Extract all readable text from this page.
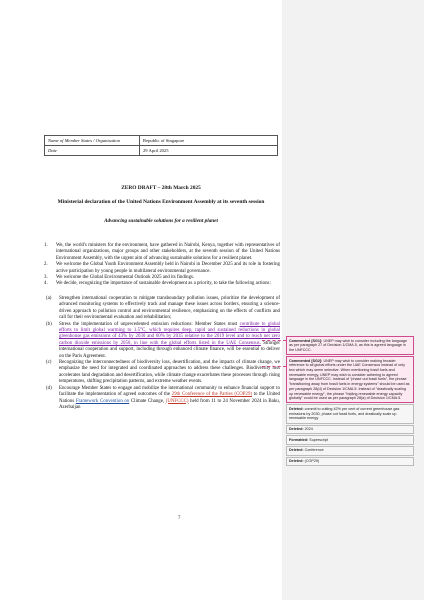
Name of Member States / Organisation	Republic of Singapore
Date	29 April 2025
ZERO DRAFT – 28th March 2025
Ministerial declaration of the United Nations Environment Assembly at its seventh session
Advancing sustainable solutions for a resilient planet
1. We, the world's ministers for the environment, have gathered in Nairobi, Kenya, together with representatives of international organizations, major groups and other stakeholders, at the seventh session of the United Nations Environment Assembly, with the urgent aim of advancing sustainable solutions for a resilient planet.
2. We welcome the Global Youth Environment Assembly held in Nairobi in December 2025 and its role in fostering active participation by young people in multilateral environmental governance.
3. We welcome the Global Environmental Outlook 2025 and its findings.
4. We decide, recognizing the importance of sustainable development as a priority, to take the following actions:
(a) Strengthen international cooperation to mitigate transboundary pollution issues, prioritize the development of advanced monitoring systems to effectively track and manage these issues across borders, ensuring a science-driven approach to pollution control and environmental resilience, emphasizing on the effects of conflicts and call for their environmental evaluation and rehabilitation;
(b) Stress the implementation of unprecedented emission reductions: Member States must contribute to global efforts to limit global warming to 1.5°C, which requires deep, rapid and sustained reductions in global greenhouse gas emissions of 43% by 2030 and 60% by 2035 relative to the 2019 level and to reach net zero carbon dioxide emissions by 2050, in line with the global efforts listed in the UAE Consensus. Stronger international cooperation and support, including through enhanced climate finance, will be essential to deliver on the Paris Agreement.
(c) Recognizing the interconnectedness of biodiversity loss, desertification, and the impacts of climate change, we emphasize the need for integrated and coordinated approaches to address these challenges. Biodiversity loss accelerates land degradation and desertification, while climate change exacerbates these processes through rising temperatures, shifting precipitation patterns, and extreme weather events.
(d) Encourage Member States to engage and mobilize the international community to enhance financial support to facilitate the implementation of agreed outcomes of the 29th Conference of the Parties (COP29) to the United Nations Framework Convention on Climate Change, (UNFCCC) held from 11 to 24 November 2024 in Baku, Azerbaijan
7
Commented [SG1]: UNEP may wish to consider including the language as per paragraph 27 of Decision 1/CMA.5, as this is agreed language in the UNFCCC.
Commented [SG2]: UNEP may wish to consider making broader reference to all global efforts under the UAE Consensus instead of only two which may seem selective. When mentioning fossil fuels and renewable energy, UNEP may wish to consider adhering to agreed language in the UNFCCC. Instead of "phase out fossil fuels", the phrase "transitioning away from fossil fuels in energy systems" should be used as per paragraph 28(d) of Decision 1/CMA.5. Instead of "drastically scaling up renewable energy", the phrase "tripling renewable energy capacity globally" could be used as per paragraph 28(a) of Decision 1/CMA.5.
Deleted: commit to cutting 42% per cent of current greenhouse gas emissions by 2030, phase out fossil fuels, and drastically scale up renewable energy
Deleted: 2024
Formatted: Superscript
Deleted: Conference
Deleted: (COP29)
